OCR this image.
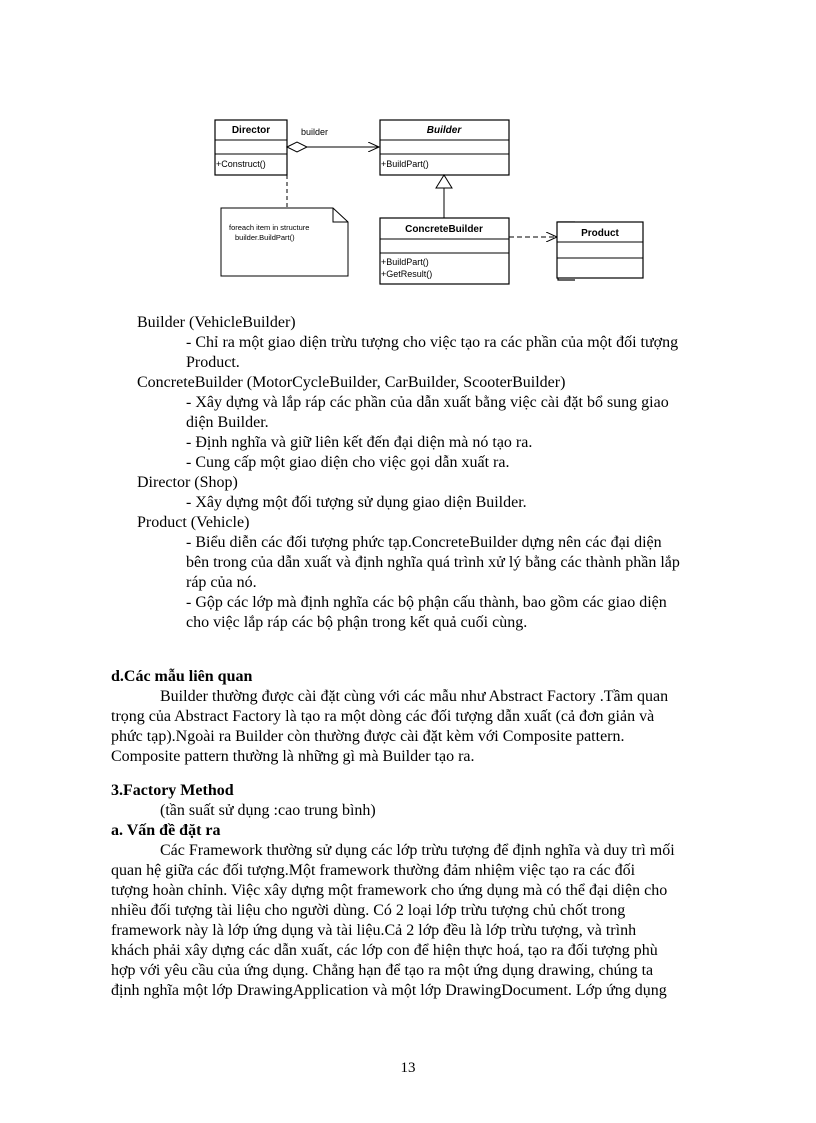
Director
+Construct()
builder	Builder
+BuildPart()
ConcreteBuilder
+BuildPart()
+GetResult()
foreach item in structure
builder.BuildPart()	Product
Builder (VehicleBuilder)
- Chỉ ra một giao diện trừu tượng cho việc tạo ra các phần của một đối tượng
Product.
ConcreteBuilder (MotorCycleBuilder, CarBuilder, ScooterBuilder)
- Xây dựng và lắp ráp các phần của dẫn xuất bằng việc cài đặt bổ sung giao
diện Builder.
- Định nghĩa và giữ liên kết đến đại diện mà nó tạo ra.
- Cung cấp một giao diện cho việc gọi dẫn xuất ra.
Director (Shop)
- Xây dựng một đối tượng sử dụng giao diện Builder.
Product (Vehicle)
- Biểu diễn các đối tượng phức tạp.ConcreteBuilder dựng nên các đại diện
bên trong của dẫn xuất và định nghĩa quá trình xử lý bằng các thành phần lắp
ráp của nó.
- Gộp các lớp mà định nghĩa các bộ phận cấu thành, bao gồm các giao diện
cho việc lắp ráp các bộ phận trong kết quả cuối cùng.
d.Các mẫu liên quan
Builder thường được cài đặt cùng với các mẫu như Abstract Factory .Tầm quan
trọng của Abstract Factory là tạo ra một dòng các đối tượng dẫn xuất (cả đơn giản và
phức tạp).Ngoài ra Builder còn thường được cài đặt kèm với Composite pattern.
Composite pattern thường là những gì mà Builder tạo ra.
3.Factory Method
(tần suất sử dụng :cao trung bình)
a. Vấn đề đặt ra
Các Framework thường sử dụng các lớp trừu tượng để định nghĩa và duy trì mối
quan hệ giữa các đối tượng.Một framework thường đảm nhiệm việc tạo ra các đối
tượng hoàn chỉnh. Việc xây dựng một framework cho ứng dụng mà có thể đại diện cho
nhiều đối tượng tài liệu cho người dùng. Có 2 loại lớp trừu tượng chủ chốt trong
framework này là lớp ứng dụng và tài liệu.Cả 2 lớp đều là lớp trừu tượng, và trình
khách phải xây dựng các dẫn xuất, các lớp con để hiện thực hoá, tạo ra đối tượng phù
hợp với yêu cầu của ứng dụng. Chẳng hạn để tạo ra một ứng dụng drawing, chúng ta
định nghĩa một lớp DrawingApplication và một lớp DrawingDocument. Lớp ứng dụng
13
